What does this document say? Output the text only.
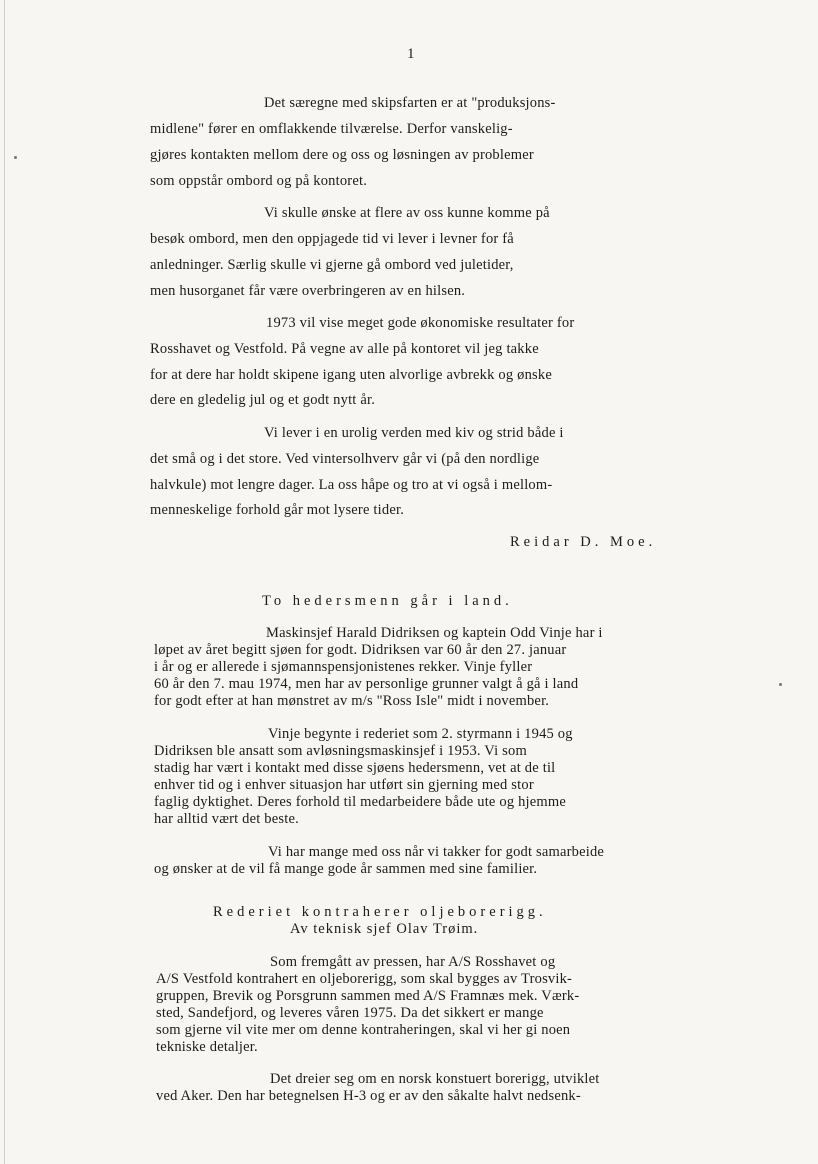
1
Det særegne med skipsfarten er at "produksjons-
midlene" fører en omflakkende tilværelse. Derfor vanskelig-
gjøres kontakten mellom dere og oss og løsningen av problemer
som oppstår ombord og på kontoret.
Vi skulle ønske at flere av oss kunne komme på
besøk ombord, men den oppjagede tid vi lever i levner for få
anledninger. Særlig skulle vi gjerne gå ombord ved juletider,
men husorganet får være overbringeren av en hilsen.
1973 vil vise meget gode økonomiske resultater for
Rosshavet og Vestfold. På vegne av alle på kontoret vil jeg takke
for at dere har holdt skipene igang uten alvorlige avbrekk og ønske
dere en gledelig jul og et godt nytt år.
Vi lever i en urolig verden med kiv og strid både i
det små og i det store. Ved vintersolhverv går vi (på den nordlige
halvkule) mot lengre dager. La oss håpe og tro at vi også i mellom-
menneskelige forhold går mot lysere tider.
Reidar D. Moe.
To hedersmenn går i land.
Maskinsjef Harald Didriksen og kaptein Odd Vinje har i
løpet av året begitt sjøen for godt. Didriksen var 60 år den 27. januar
i år og er allerede i sjømannspensjonistenes rekker. Vinje fyller
60 år den 7. mau 1974, men har av personlige grunner valgt å gå i land
for godt efter at han mønstret av m/s "Ross Isle" midt i november.
Vinje begynte i rederiet som 2. styrmann i 1945 og
Didriksen ble ansatt som avløsningsmaskinsjef i 1953. Vi som
stadig har vært i kontakt med disse sjøens hedersmenn, vet at de til
enhver tid og i enhver situasjon har utført sin gjerning med stor
faglig dyktighet. Deres forhold til medarbeidere både ute og hjemme
har alltid vært det beste.
Vi har mange med oss når vi takker for godt samarbeide
og ønsker at de vil få mange gode år sammen med sine familier.
Rederiet kontraherer oljeborerigg.
Av teknisk sjef Olav Trøim.
Som fremgått av pressen, har A/S Rosshavet og
A/S Vestfold kontrahert en oljeborerigg, som skal bygges av Trosvik-
gruppen, Brevik og Porsgrunn sammen med A/S Framnæs mek. Værk-
sted, Sandefjord, og leveres våren 1975. Da det sikkert er mange
som gjerne vil vite mer om denne kontraheringen, skal vi her gi noen
tekniske detaljer.
Det dreier seg om en norsk konstuert borerigg, utviklet
ved Aker. Den har betegnelsen H-3 og er av den såkalte halvt nedsenk-
